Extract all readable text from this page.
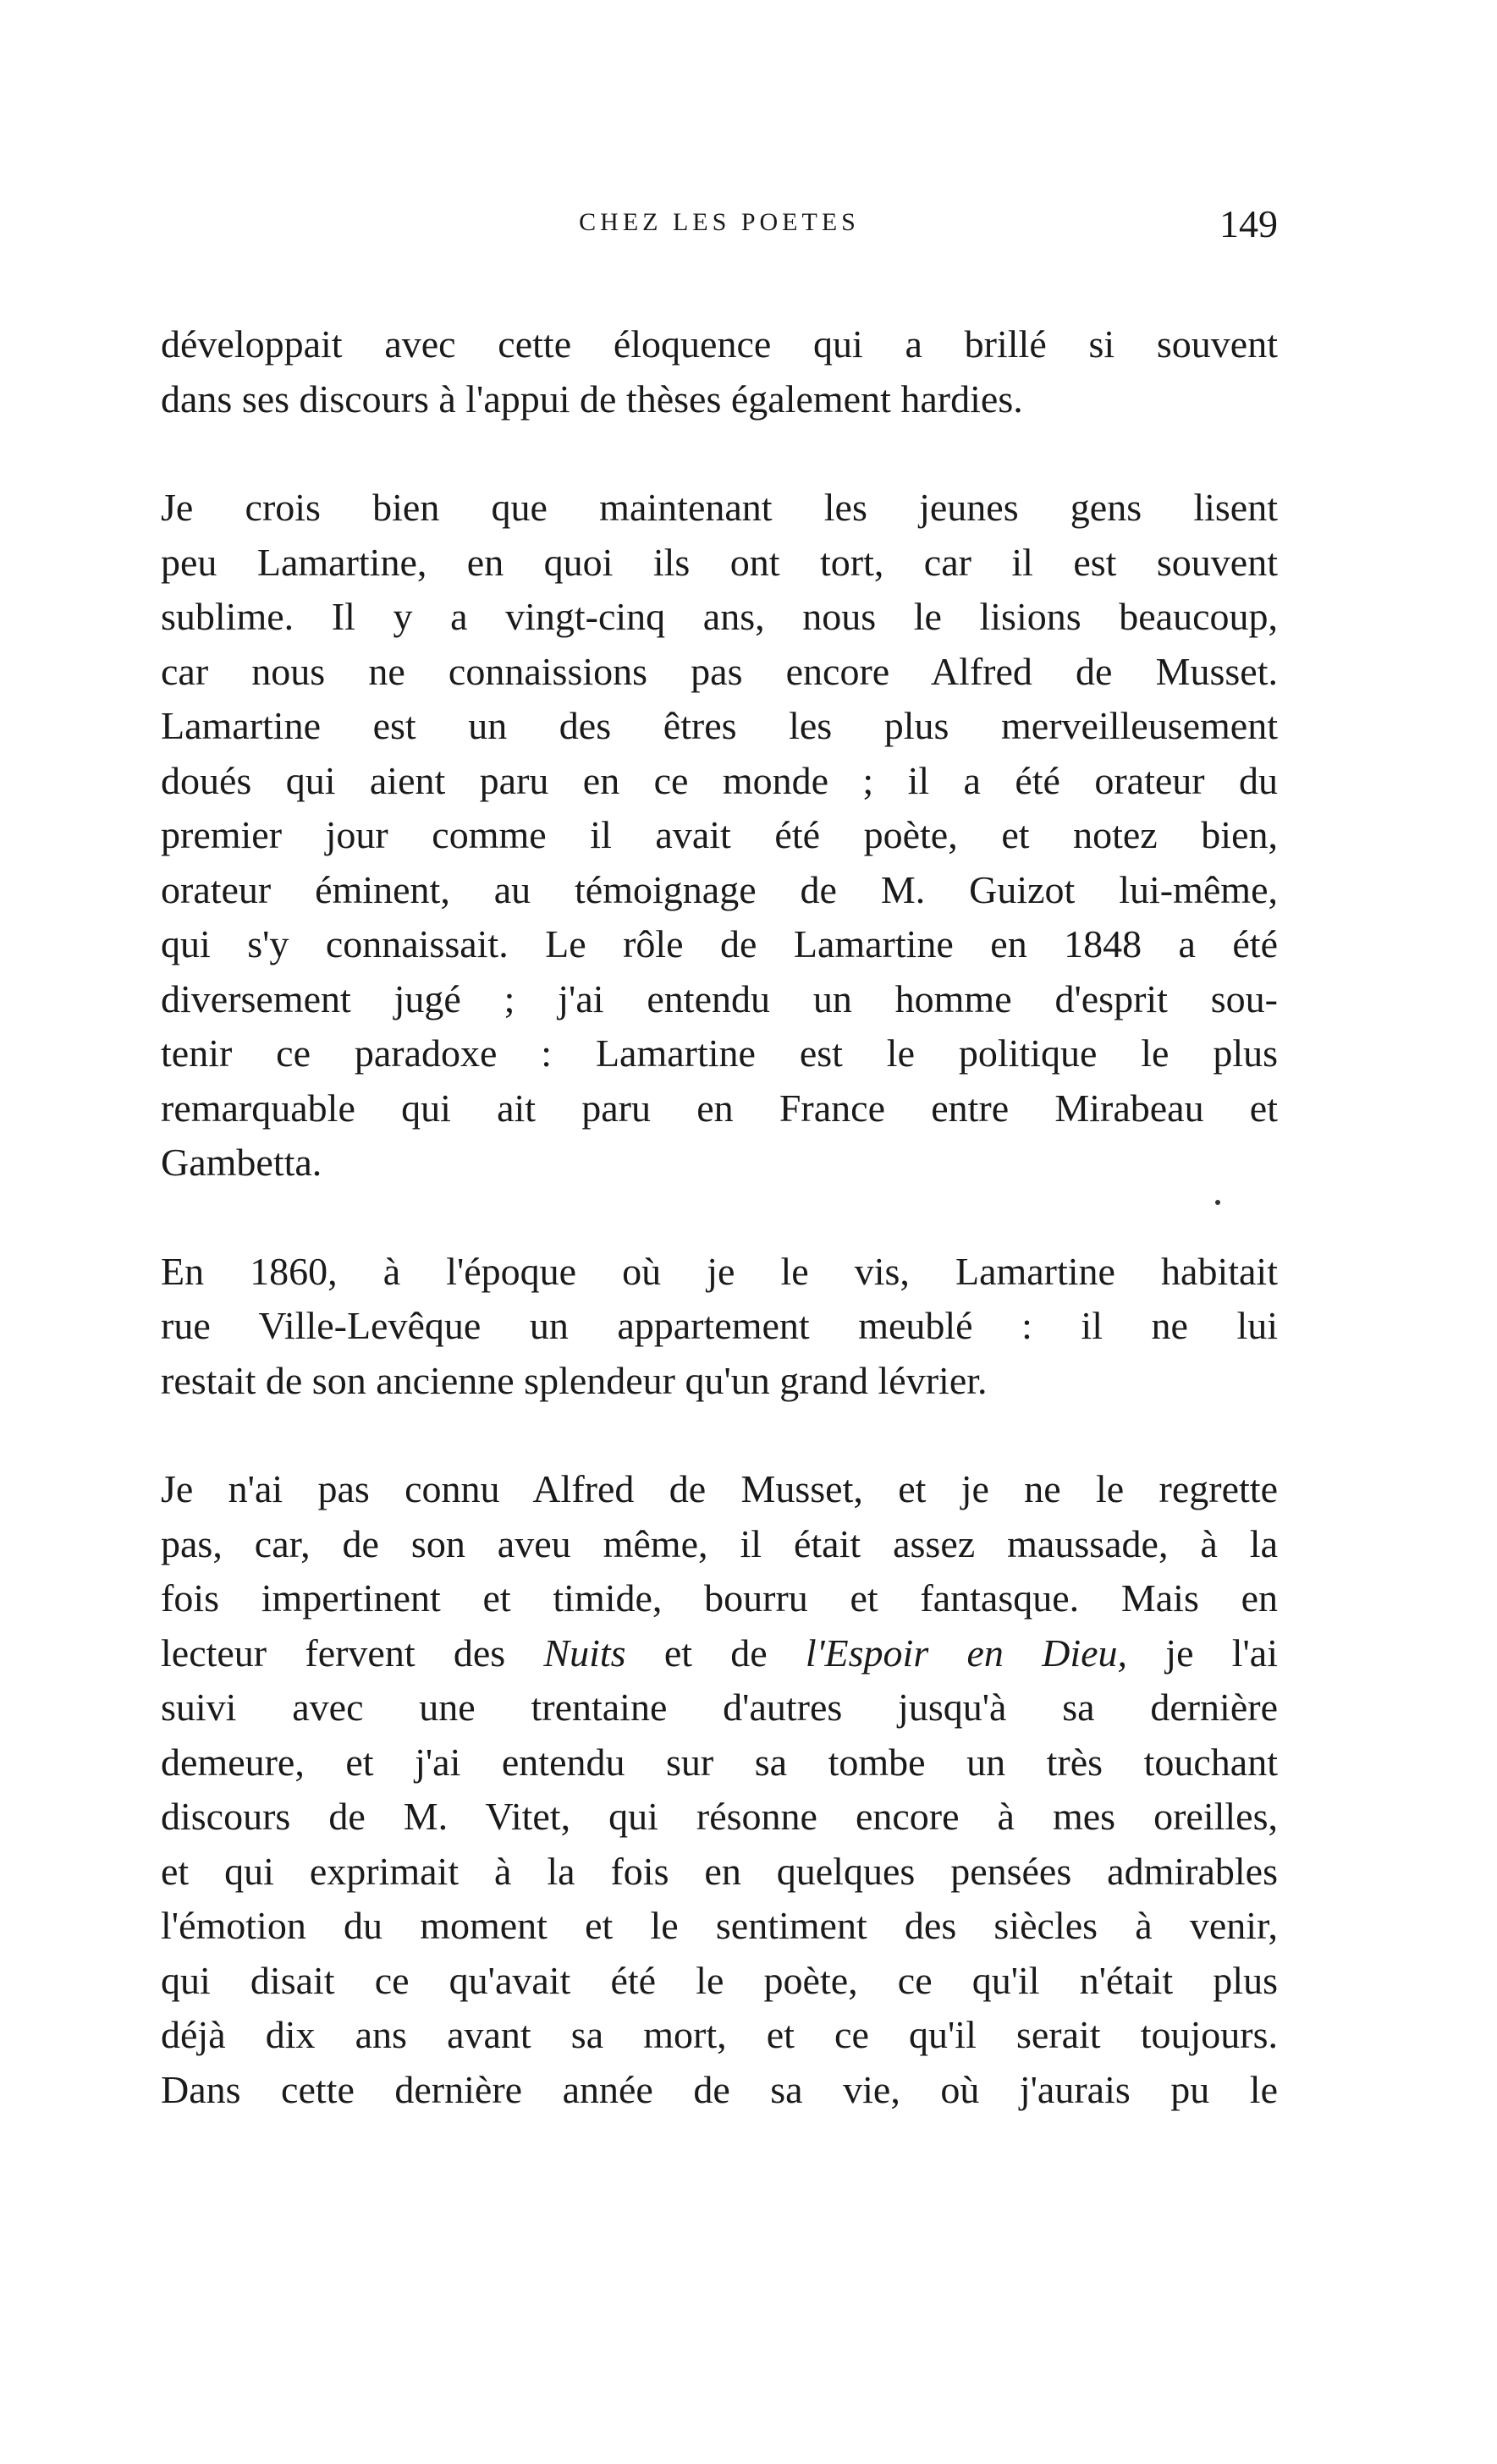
CHEZ LES POETES	149

développait avec cette éloquence qui a brillé si souvent
dans ses discours à l'appui de thèses également hardies.

Je crois bien que maintenant les jeunes gens lisent
peu Lamartine, en quoi ils ont tort, car il est souvent
sublime. Il y a vingt-cinq ans, nous le lisions beaucoup,
car nous ne connaissions pas encore Alfred de Musset.
Lamartine est un des êtres les plus merveilleusement
doués qui aient paru en ce monde ; il a été orateur du
premier jour comme il avait été poète, et notez bien,
orateur éminent, au témoignage de M. Guizot lui-même,
qui s'y connaissait. Le rôle de Lamartine en 1848 a été
diversement jugé ; j'ai entendu un homme d'esprit sou-
tenir ce paradoxe : Lamartine est le politique le plus
remarquable qui ait paru en France entre Mirabeau et
Gambetta.

En 1860, à l'époque où je le vis, Lamartine habitait
rue Ville-Levêque un appartement meublé : il ne lui
restait de son ancienne splendeur qu'un grand lévrier.

Je n'ai pas connu Alfred de Musset, et je ne le regrette
pas, car, de son aveu même, il était assez maussade, à la
fois impertinent et timide, bourru et fantasque. Mais en
lecteur fervent des Nuits et de l'Espoir en Dieu, je l'ai
suivi avec une trentaine d'autres jusqu'à sa dernière
demeure, et j'ai entendu sur sa tombe un très touchant
discours de M. Vitet, qui résonne encore à mes oreilles,
et qui exprimait à la fois en quelques pensées admirables
l'émotion du moment et le sentiment des siècles à venir,
qui disait ce qu'avait été le poète, ce qu'il n'était plus
déjà dix ans avant sa mort, et ce qu'il serait toujours.
Dans cette dernière année de sa vie, où j'aurais pu le
